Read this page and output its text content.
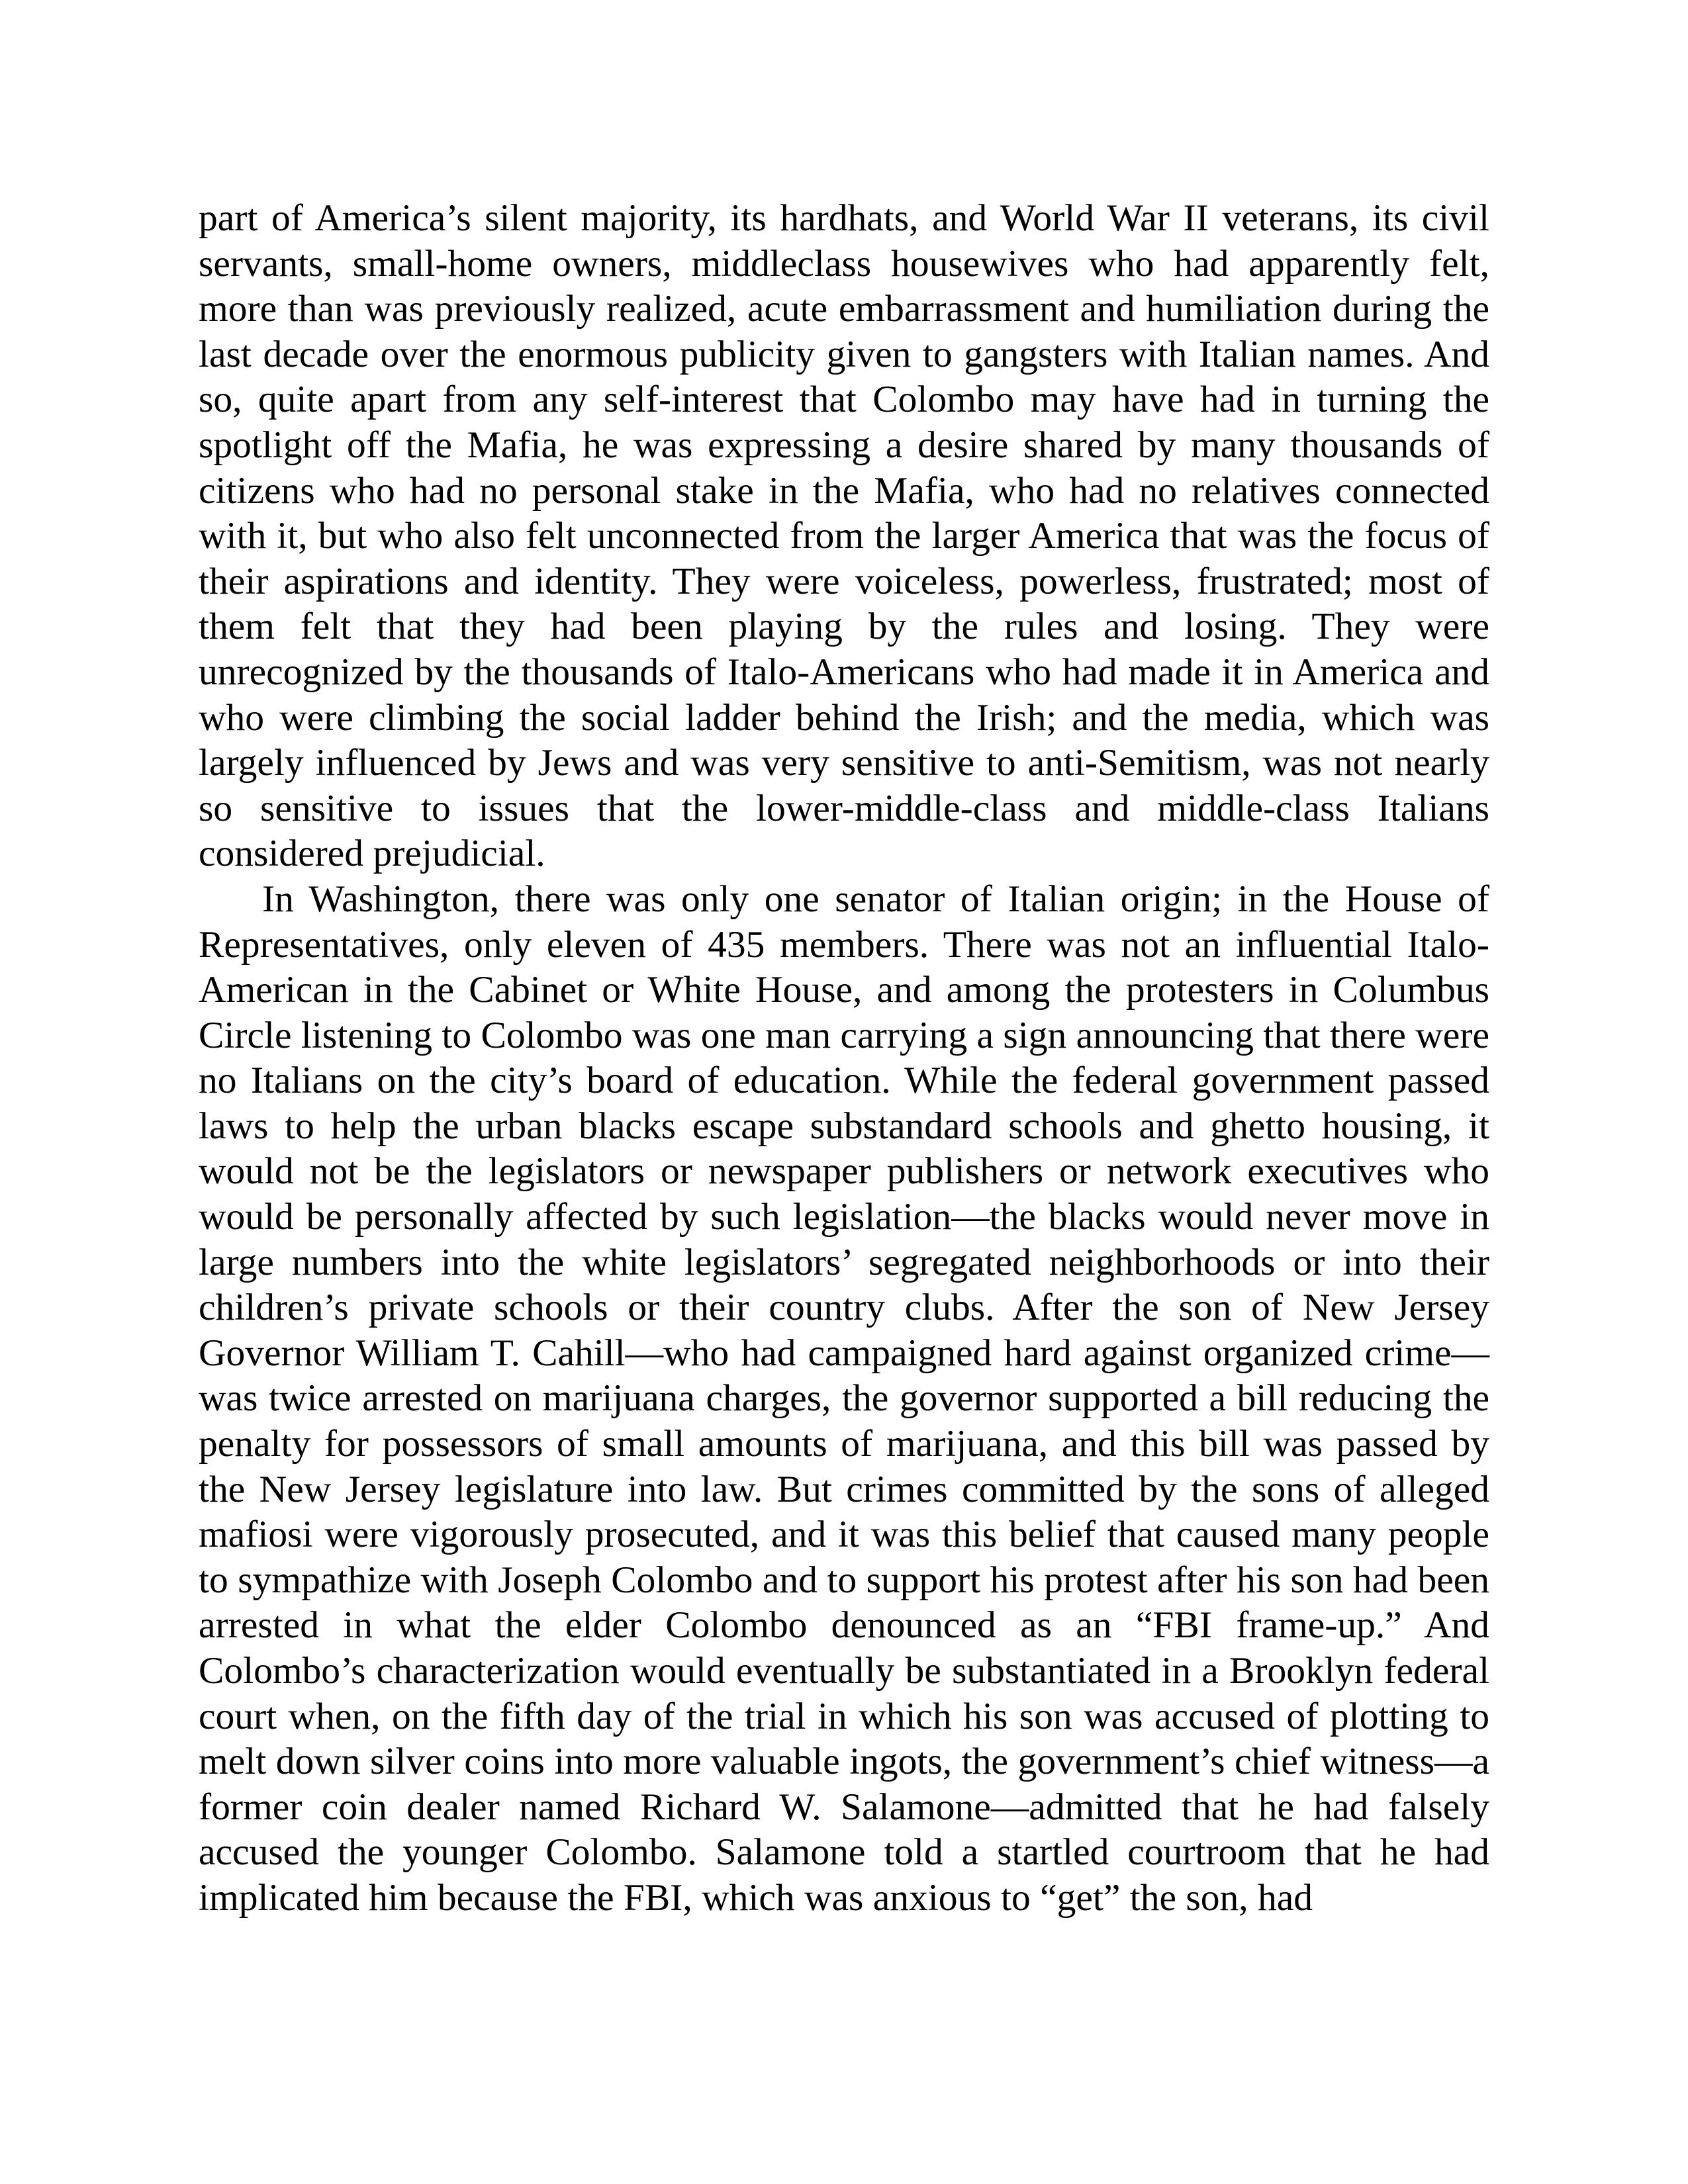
part of America’s silent majority, its hardhats, and World War II veterans, its civil servants, small-home owners, middleclass housewives who had apparently felt, more than was previously realized, acute embarrassment and humiliation during the last decade over the enormous publicity given to gangsters with Italian names. And so, quite apart from any self-interest that Colombo may have had in turning the spotlight off the Mafia, he was expressing a desire shared by many thousands of citizens who had no personal stake in the Mafia, who had no relatives connected with it, but who also felt unconnected from the larger America that was the focus of their aspirations and identity. They were voiceless, powerless, frustrated; most of them felt that they had been playing by the rules and losing. They were unrecognized by the thousands of Italo-Americans who had made it in America and who were climbing the social ladder behind the Irish; and the media, which was largely influenced by Jews and was very sensitive to anti-Semitism, was not nearly so sensitive to issues that the lower-middle-class and middle-class Italians considered prejudicial.

In Washington, there was only one senator of Italian origin; in the House of Representatives, only eleven of 435 members. There was not an influential Italo-American in the Cabinet or White House, and among the protesters in Columbus Circle listening to Colombo was one man carrying a sign announcing that there were no Italians on the city’s board of education. While the federal government passed laws to help the urban blacks escape substandard schools and ghetto housing, it would not be the legislators or newspaper publishers or network executives who would be personally affected by such legislation—the blacks would never move in large numbers into the white legislators’ segregated neighborhoods or into their children’s private schools or their country clubs. After the son of New Jersey Governor William T. Cahill—who had campaigned hard against organized crime—was twice arrested on marijuana charges, the governor supported a bill reducing the penalty for possessors of small amounts of marijuana, and this bill was passed by the New Jersey legislature into law. But crimes committed by the sons of alleged mafiosi were vigorously prosecuted, and it was this belief that caused many people to sympathize with Joseph Colombo and to support his protest after his son had been arrested in what the elder Colombo denounced as an “FBI frame-up.” And Colombo’s characterization would eventually be substantiated in a Brooklyn federal court when, on the fifth day of the trial in which his son was accused of plotting to melt down silver coins into more valuable ingots, the government’s chief witness—a former coin dealer named Richard W. Salamone—admitted that he had falsely accused the younger Colombo. Salamone told a startled courtroom that he had implicated him because the FBI, which was anxious to “get” the son, had
